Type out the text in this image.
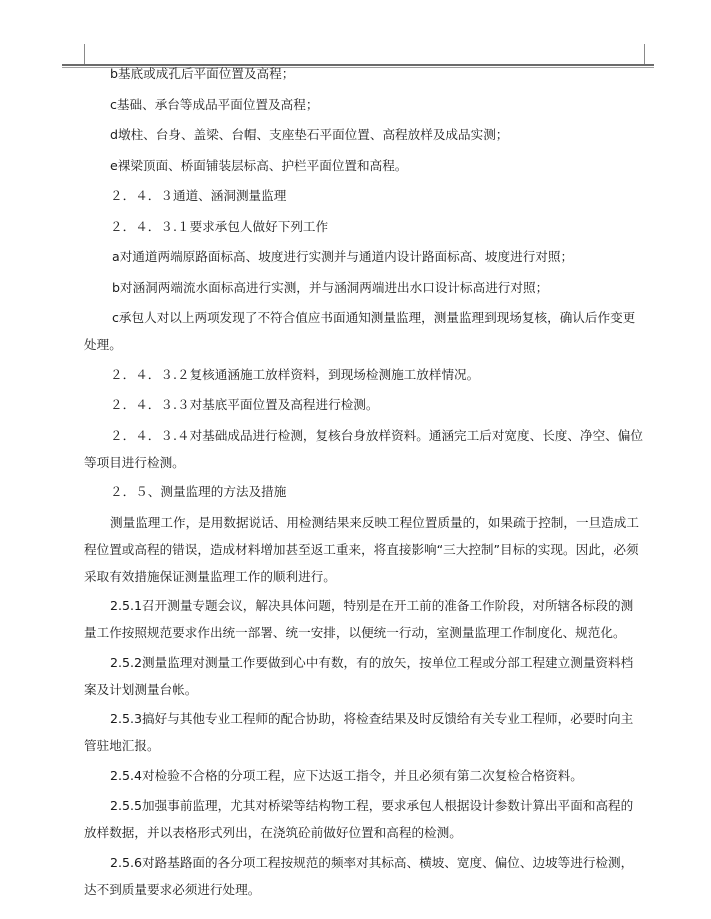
b基底或成孔后平面位置及高程；

c基础、承台等成品平面位置及高程；

d墩柱、台身、盖梁、台帽、支座垫石平面位置、高程放样及成品实测；

e裸梁顶面、桥面铺装层标高、护栏平面位置和高程。

２．４．３通道、涵洞测量监理

２．４．３.１要求承包人做好下列工作

a对通道两端原路面标高、坡度进行实测并与通道内设计路面标高、坡度进行对照；

b对涵洞两端流水面标高进行实测，并与涵洞两端进出水口设计标高进行对照；

c承包人对以上两项发现了不符合值应书面通知测量监理，测量监理到现场复核，确认后作变更处理。

２．４．３.２复核通涵施工放样资料，到现场检测施工放样情况。

２．４．３.３对基底平面位置及高程进行检测。

２．４．３.４对基础成品进行检测，复核台身放样资料。通涵完工后对宽度、长度、净空、偏位等项目进行检测。

２．５、测量监理的方法及措施

测量监理工作，是用数据说话、用检测结果来反映工程位置质量的，如果疏于控制，一旦造成工程位置或高程的错误，造成材料增加甚至返工重来，将直接影响“三大控制”目标的实现。因此，必须采取有效措施保证测量监理工作的顺利进行。

2.5.1召开测量专题会议，解决具体问题，特别是在开工前的准备工作阶段，对所辖各标段的测量工作按照规范要求作出统一部署、统一安排，以便统一行动，室测量监理工作制度化、规范化。

2.5.2测量监理对测量工作要做到心中有数，有的放矢，按单位工程或分部工程建立测量资料档案及计划测量台帐。

2.5.3搞好与其他专业工程师的配合协助，将检查结果及时反馈给有关专业工程师，必要时向主管驻地汇报。

2.5.4对检验不合格的分项工程，应下达返工指令，并且必须有第二次复检合格资料。

2.5.5加强事前监理，尤其对桥梁等结构物工程，要求承包人根据设计参数计算出平面和高程的放样数据，并以表格形式列出，在浇筑砼前做好位置和高程的检测。

2.5.6对路基路面的各分项工程按规范的频率对其标高、横坡、宽度、偏位、边坡等进行检测，达不到质量要求必须进行处理。
